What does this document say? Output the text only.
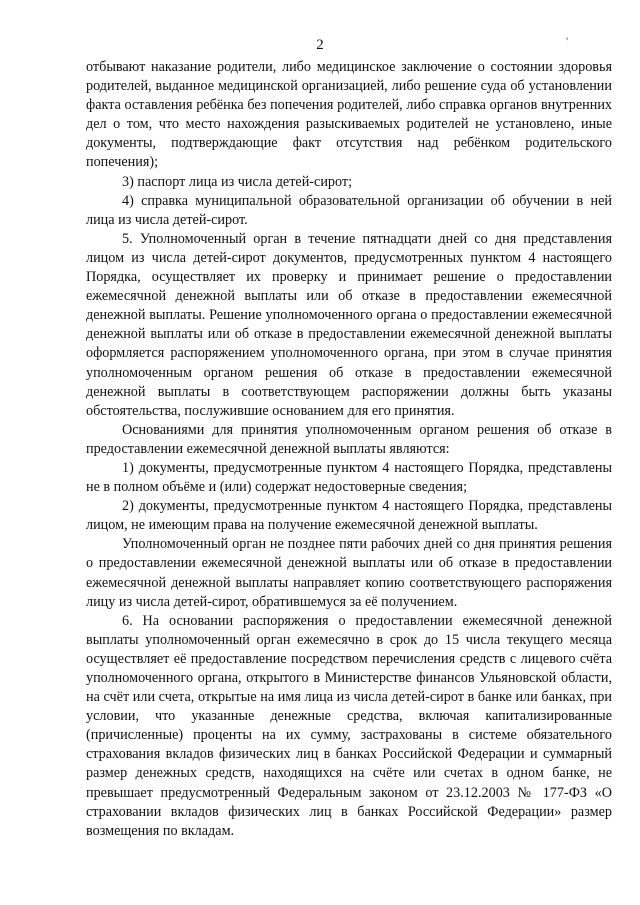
2	'

отбывают наказание родители, либо медицинское заключение о состоянии здоровья родителей, выданное медицинской организацией, либо решение суда об установлении факта оставления ребёнка без попечения родителей, либо справка органов внутренних дел о том, что место нахождения разыскиваемых родителей не установлено, иные документы, подтверждающие факт отсутствия над ребёнком родительского попечения);

3) паспорт лица из числа детей-сирот;

4) справка муниципальной образовательной организации об обучении в ней лица из числа детей-сирот.

5. Уполномоченный орган в течение пятнадцати дней со дня представления лицом из числа детей-сирот документов, предусмотренных пунктом 4 настоящего Порядка, осуществляет их проверку и принимает решение о предоставлении ежемесячной денежной выплаты или об отказе в предоставлении ежемесячной денежной выплаты. Решение уполномоченного органа о предоставлении ежемесячной денежной выплаты или об отказе в предоставлении ежемесячной денежной выплаты оформляется распоряжением уполномоченного органа, при этом в случае принятия уполномоченным органом решения об отказе в предоставлении ежемесячной денежной выплаты в соответствующем распоряжении должны быть указаны обстоятельства, послужившие основанием для его принятия.

Основаниями для принятия уполномоченным органом решения об отказе в предоставлении ежемесячной денежной выплаты являются:

1) документы, предусмотренные пунктом 4 настоящего Порядка, представлены не в полном объёме и (или) содержат недостоверные сведения;

2) документы, предусмотренные пунктом 4 настоящего Порядка, представлены лицом, не имеющим права на получение ежемесячной денежной выплаты.

Уполномоченный орган не позднее пяти рабочих дней со дня принятия решения о предоставлении ежемесячной денежной выплаты или об отказе в предоставлении ежемесячной денежной выплаты направляет копию соответствующего распоряжения лицу из числа детей-сирот, обратившемуся за её получением.

6. На основании распоряжения о предоставлении ежемесячной денежной выплаты уполномоченный орган ежемесячно в срок до 15 числа текущего месяца осуществляет её предоставление посредством перечисления средств с лицевого счёта уполномоченного органа, открытого в Министерстве финансов Ульяновской области, на счёт или счета, открытые на имя лица из числа детей-сирот в банке или банках, при условии, что указанные денежные средства, включая капитализированные (причисленные) проценты на их сумму, застрахованы в системе обязательного страхования вкладов физических лиц в банках Российской Федерации и суммарный размер денежных средств, находящихся на счёте или счетах в одном банке, не превышает предусмотренный Федеральным законом от 23.12.2003 № 177-ФЗ «О страховании вкладов физических лиц в банках Российской Федерации» размер возмещения по вкладам.
